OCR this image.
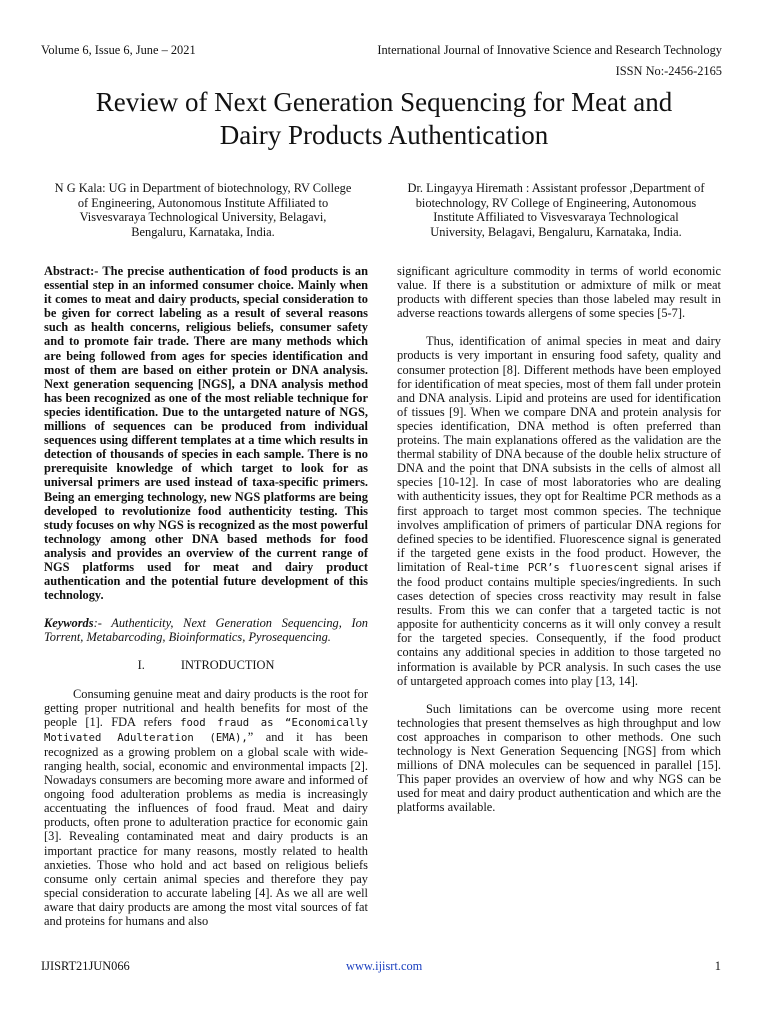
Volume 6, Issue 6, June – 2021	International Journal of Innovative Science and Research Technology
ISSN No:-2456-2165
Review of Next Generation Sequencing for Meat and
Dairy Products Authentication
N G Kala: UG in Department of biotechnology, RV College
of Engineering, Autonomous Institute Affiliated to
Visvesvaraya Technological University, Belagavi,
Bengaluru, Karnataka, India.
Dr. Lingayya Hiremath : Assistant professor ,Department of
biotechnology, RV College of Engineering, Autonomous
Institute Affiliated to Visvesvaraya Technological
University, Belagavi, Bengaluru, Karnataka, India.

Abstract:- The precise authentication of food products is an essential step in an informed consumer choice. Mainly when it comes to meat and dairy products, special consideration to be given for correct labeling as a result of several reasons such as health concerns, religious beliefs, consumer safety and to promote fair trade. There are many methods which are being followed from ages for species identification and most of them are based on either protein or DNA analysis. Next generation sequencing [NGS], a DNA analysis method has been recognized as one of the most reliable technique for species identification. Due to the untargeted nature of NGS, millions of sequences can be produced from individual sequences using different templates at a time which results in detection of thousands of species in each sample. There is no prerequisite knowledge of which target to look for as universal primers are used instead of taxa-specific primers. Being an emerging technology, new NGS platforms are being developed to revolutionize food authenticity testing. This study focuses on why NGS is recognized as the most powerful technology among other DNA based methods for food analysis and provides an overview of the current range of NGS platforms used for meat and dairy product authentication and the potential future development of this technology.

Keywords:- Authenticity, Next Generation Sequencing, Ion Torrent, Metabarcoding, Bioinformatics, Pyrosequencing.

I.	INTRODUCTION

Consuming genuine meat and dairy products is the root for getting proper nutritional and health benefits for most of the people [1]. FDA refers food fraud as “Economically Motivated Adulteration (EMA),” and it has been recognized as a growing problem on a global scale with wide-ranging health, social, economic and environmental impacts [2]. Nowadays consumers are becoming more aware and informed of ongoing food adulteration problems as media is increasingly accentuating the influences of food fraud. Meat and dairy products, often prone to adulteration practice for economic gain [3]. Revealing contaminated meat and dairy products is an important practice for many reasons, mostly related to health anxieties. Those who hold and act based on religious beliefs consume only certain animal species and therefore they pay special consideration to accurate labeling [4]. As we all are well aware that dairy products are among the most vital sources of fat and proteins for humans and also

significant agriculture commodity in terms of world economic value. If there is a substitution or admixture of milk or meat products with different species than those labeled may result in adverse reactions towards allergens of some species [5-7].

Thus, identification of animal species in meat and dairy products is very important in ensuring food safety, quality and consumer protection [8]. Different methods have been employed for identification of meat species, most of them fall under protein and DNA analysis. Lipid and proteins are used for identification of tissues [9]. When we compare DNA and protein analysis for species identification, DNA method is often preferred than proteins. The main explanations offered as the validation are the thermal stability of DNA because of the double helix structure of DNA and the point that DNA subsists in the cells of almost all species [10-12]. In case of most laboratories who are dealing with authenticity issues, they opt for Realtime PCR methods as a first approach to target most common species. The technique involves amplification of primers of particular DNA regions for defined species to be identified. Fluorescence signal is generated if the targeted gene exists in the food product. However, the limitation of Real-time PCR’s fluorescent signal arises if the food product contains multiple species/ingredients. In such cases detection of species cross reactivity may result in false results. From this we can confer that a targeted tactic is not apposite for authenticity concerns as it will only convey a result for the targeted species. Consequently, if the food product contains any additional species in addition to those targeted no information is available by PCR analysis. In such cases the use of untargeted approach comes into play [13, 14].

Such limitations can be overcome using more recent technologies that present themselves as high throughput and low cost approaches in comparison to other methods. One such technology is Next Generation Sequencing [NGS] from which millions of DNA molecules can be sequenced in parallel [15]. This paper provides an overview of how and why NGS can be used for meat and dairy product authentication and which are the platforms available.

IJISRT21JUN066	www.ijisrt.com	1
